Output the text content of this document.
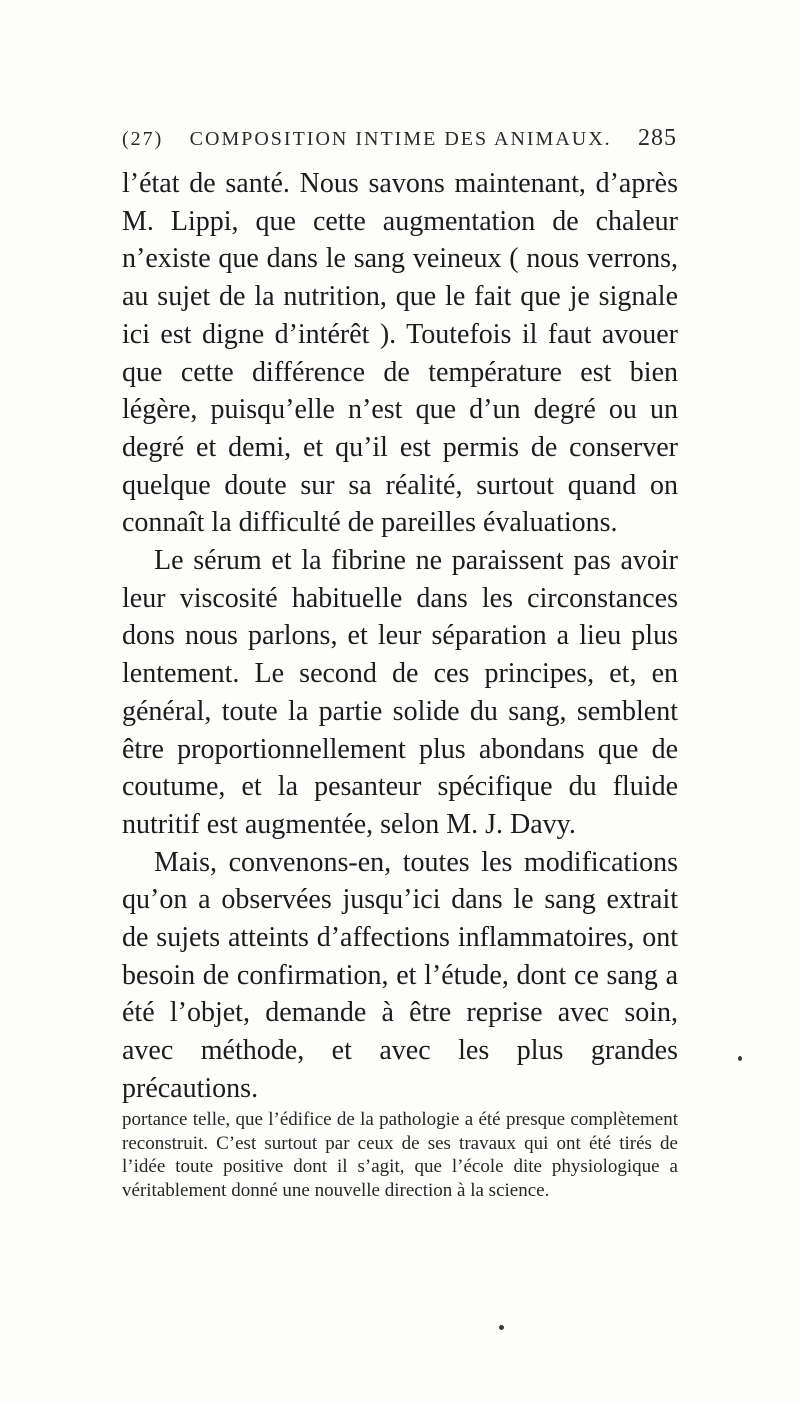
(27) COMPOSITION INTIME DES ANIMAUX. 285

l’état de santé. Nous savons maintenant, d’après M. Lippi, que cette augmentation de chaleur n’existe que dans le sang veineux ( nous verrons, au sujet de la nutrition, que le fait que je signale ici est digne d’intérêt ). Toutefois il faut avouer que cette différence de température est bien légère, puisqu’elle n’est que d’un degré ou un degré et demi, et qu’il est permis de conserver quelque doute sur sa réalité, surtout quand on connaît la difficulté de pareilles évaluations.

Le sérum et la fibrine ne paraissent pas avoir leur viscosité habituelle dans les circonstances dons nous parlons, et leur séparation a lieu plus lentement. Le second de ces principes, et, en général, toute la partie solide du sang, semblent être proportionnellement plus abondans que de coutume, et la pesanteur spécifique du fluide nutritif est augmentée, selon M. J. Davy.

Mais, convenons-en, toutes les modifications qu’on a observées jusqu’ici dans le sang extrait de sujets atteints d’affections inflammatoires, ont besoin de confirmation, et l’étude, dont ce sang a été l’objet, demande à être reprise avec soin, avec méthode, et avec les plus grandes précautions.

portance telle, que l’édifice de la pathologie a été presque complètement reconstruit. C’est surtout par ceux de ses travaux qui ont été tirés de l’idée toute positive dont il s’agit, que l’école dite physiologique a véritablement donné une nouvelle direction à la science.
